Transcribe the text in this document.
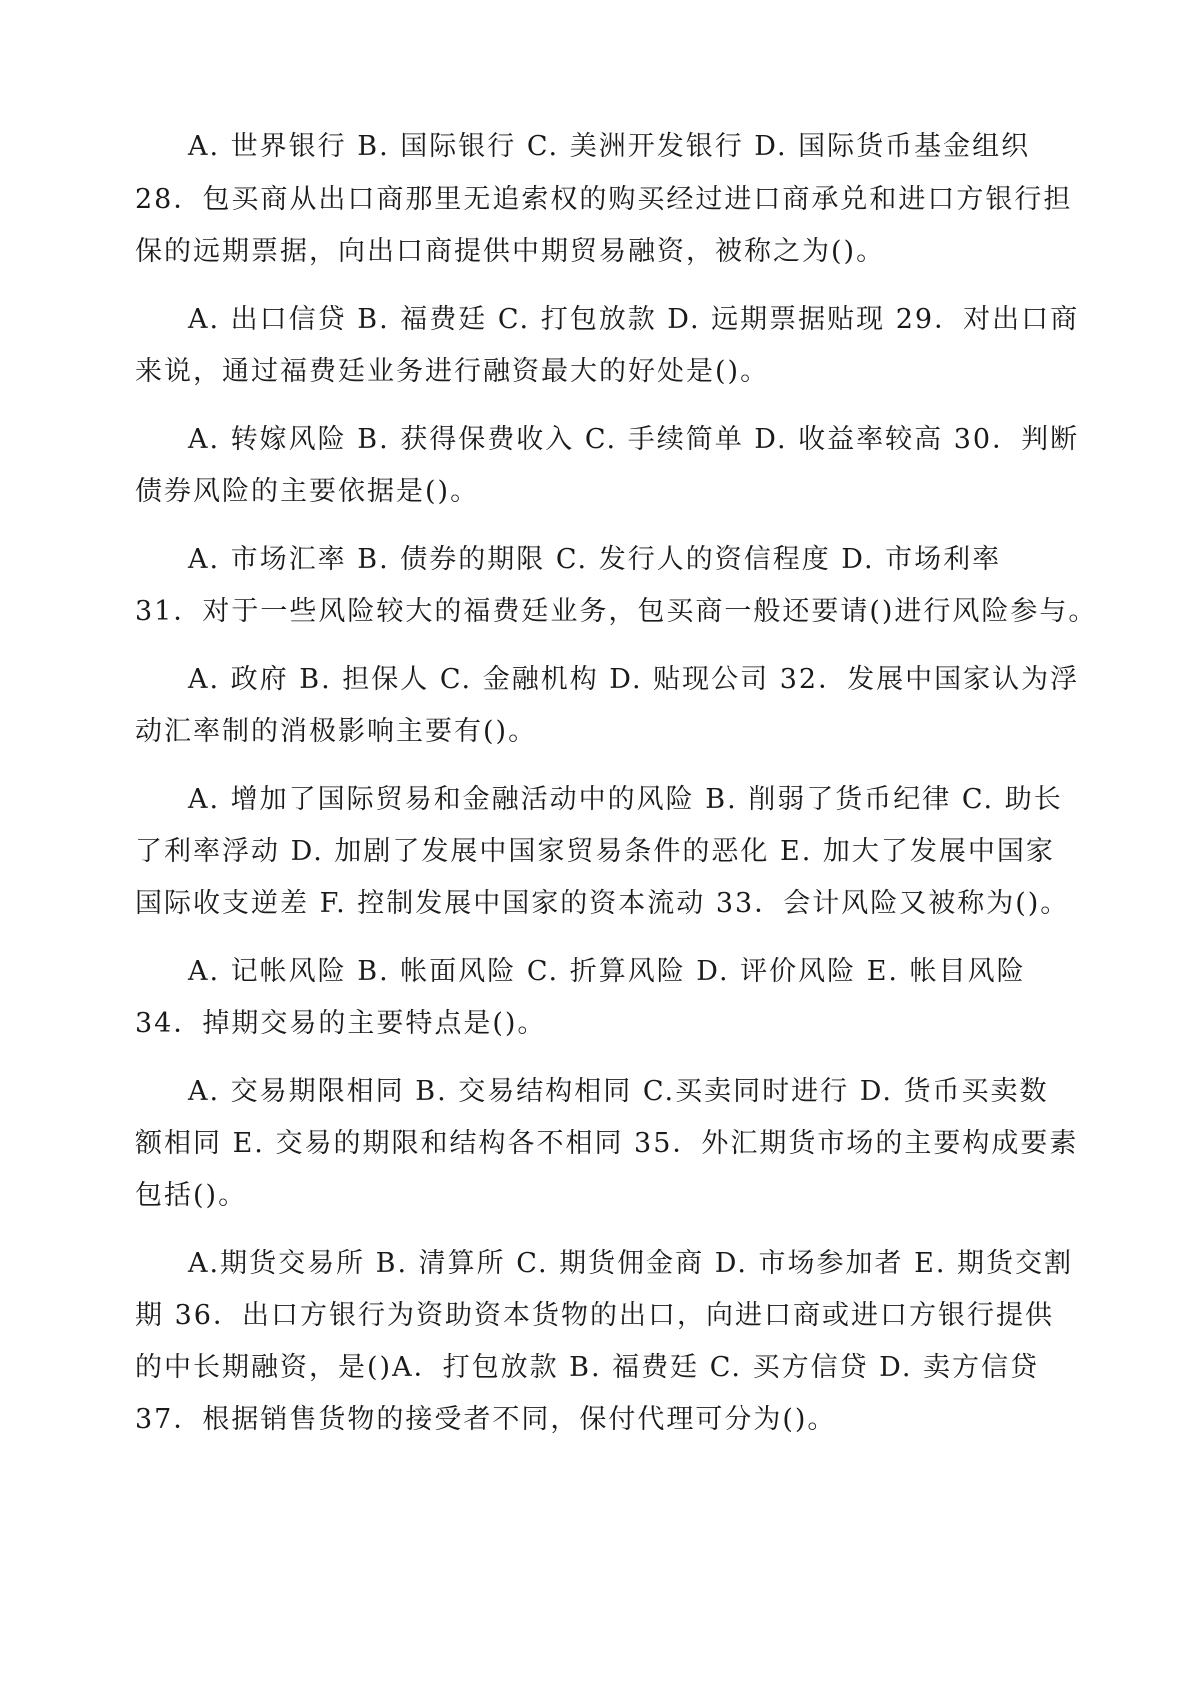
A. 世界银行 B. 国际银行 C. 美洲开发银行 D. 国际货币基金组织
28．包买商从出口商那里无追索权的购买经过进口商承兑和进口方银行担
保的远期票据，向出口商提供中期贸易融资，被称之为()。
A. 出口信贷 B. 福费廷 C. 打包放款 D. 远期票据贴现 29．对出口商
来说，通过福费廷业务进行融资最大的好处是()。
A. 转嫁风险 B. 获得保费收入 C. 手续简单 D. 收益率较高 30．判断
债券风险的主要依据是()。
A. 市场汇率 B. 债券的期限 C. 发行人的资信程度 D. 市场利率
31．对于一些风险较大的福费廷业务，包买商一般还要请()进行风险参与。
A. 政府 B. 担保人 C. 金融机构 D. 贴现公司 32．发展中国家认为浮
动汇率制的消极影响主要有()。
A. 增加了国际贸易和金融活动中的风险 B. 削弱了货币纪律 C. 助长
了利率浮动 D. 加剧了发展中国家贸易条件的恶化 E. 加大了发展中国家
国际收支逆差 F. 控制发展中国家的资本流动 33．会计风险又被称为()。
A. 记帐风险 B. 帐面风险 C. 折算风险 D. 评价风险 E. 帐目风险
34．掉期交易的主要特点是()。
A. 交易期限相同 B. 交易结构相同 C.买卖同时进行 D. 货币买卖数
额相同 E. 交易的期限和结构各不相同 35．外汇期货市场的主要构成要素
包括()。
A.期货交易所 B. 清算所 C. 期货佣金商 D. 市场参加者 E. 期货交割
期 36．出口方银行为资助资本货物的出口，向进口商或进口方银行提供
的中长期融资，是()A．打包放款 B. 福费廷 C. 买方信贷 D. 卖方信贷
37．根据销售货物的接受者不同，保付代理可分为()。
